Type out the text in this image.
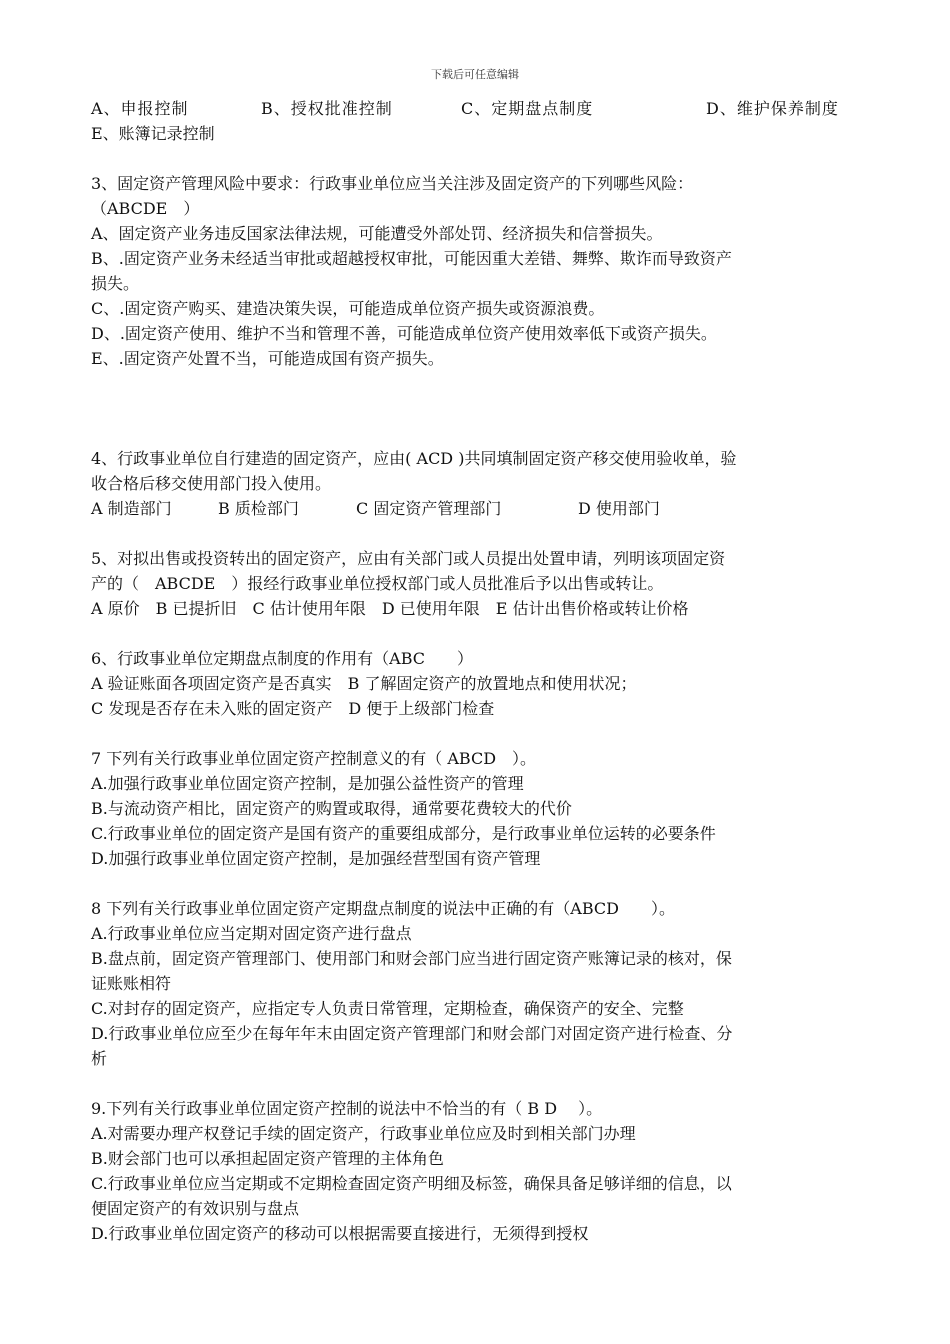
下载后可任意编辑
A、申报控制	B、授权批准控制	C、定期盘点制度	D、维护保养制度
E、账簿记录控制
3、固定资产管理风险中要求：行政事业单位应当关注涉及固定资产的下列哪些风险：
（ABCDE　）
A、固定资产业务违反国家法律法规，可能遭受外部处罚、经济损失和信誉损失。
B、.固定资产业务未经适当审批或超越授权审批，可能因重大差错、舞弊、欺诈而导致资产
损失。
C、.固定资产购买、建造决策失误，可能造成单位资产损失或资源浪费。
D、.固定资产使用、维护不当和管理不善，可能造成单位资产使用效率低下或资产损失。
E、.固定资产处置不当，可能造成国有资产损失。
4、行政事业单位自行建造的固定资产，应由( ACD )共同填制固定资产移交使用验收单，验
收合格后移交使用部门投入使用。
A 制造部门	B 质检部门	C 固定资产管理部门	D 使用部门
5、对拟出售或投资转出的固定资产，应由有关部门或人员提出处置申请，列明该项固定资
产的（　ABCDE　）报经行政事业单位授权部门或人员批准后予以出售或转让。
A 原价　B 已提折旧　C 估计使用年限　D 已使用年限　E 估计出售价格或转让价格
6、行政事业单位定期盘点制度的作用有（ABC　　）
A 验证账面各项固定资产是否真实　B 了解固定资产的放置地点和使用状况；
C 发现是否存在未入账的固定资产　D 便于上级部门检查
7 下列有关行政事业单位固定资产控制意义的有（ ABCD　）。
A.加强行政事业单位固定资产控制，是加强公益性资产的管理
B.与流动资产相比，固定资产的购置或取得，通常要花费较大的代价
C.行政事业单位的固定资产是国有资产的重要组成部分，是行政事业单位运转的必要条件
D.加强行政事业单位固定资产控制，是加强经营型国有资产管理
8 下列有关行政事业单位固定资产定期盘点制度的说法中正确的有（ABCD　　）。
A.行政事业单位应当定期对固定资产进行盘点
B.盘点前，固定资产管理部门、使用部门和财会部门应当进行固定资产账簿记录的核对，保
证账账相符
C.对封存的固定资产，应指定专人负责日常管理，定期检查，确保资产的安全、完整
D.行政事业单位应至少在每年年末由固定资产管理部门和财会部门对固定资产进行检查、分
析
9.下列有关行政事业单位固定资产控制的说法中不恰当的有（ B D　 ）。
A.对需要办理产权登记手续的固定资产，行政事业单位应及时到相关部门办理
B.财会部门也可以承担起固定资产管理的主体角色
C.行政事业单位应当定期或不定期检查固定资产明细及标签，确保具备足够详细的信息，以
便固定资产的有效识别与盘点
D.行政事业单位固定资产的移动可以根据需要直接进行，无须得到授权
